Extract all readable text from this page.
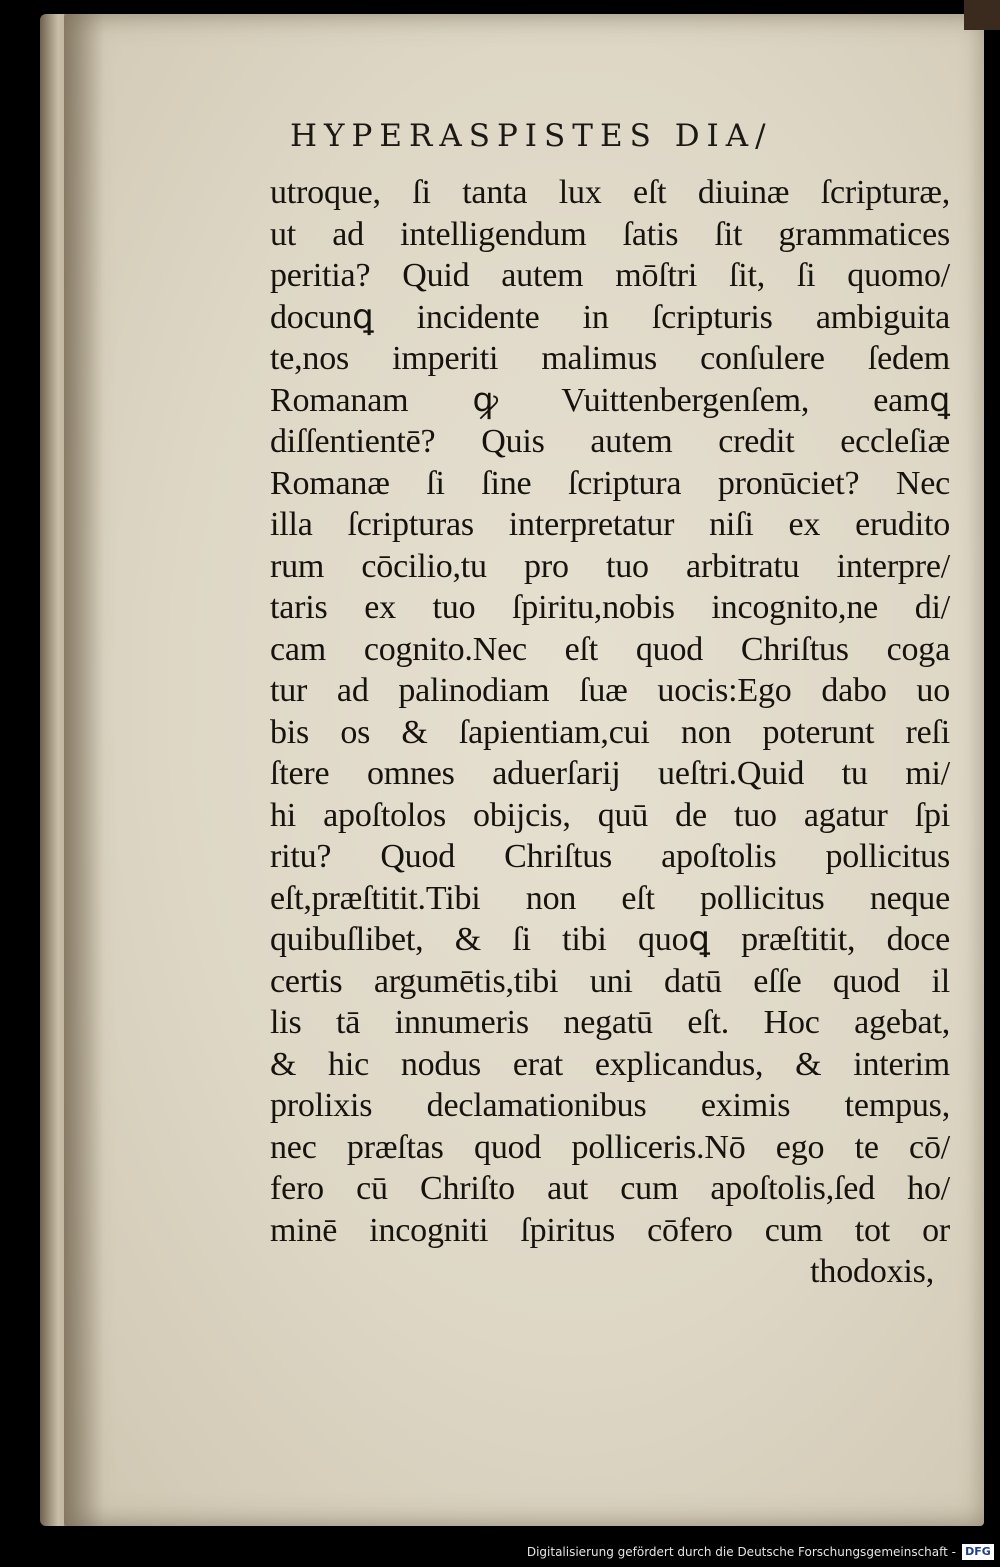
HYPERASPISTES DIA/
utroque, ſi tanta lux eſt diuinæ ſcripturæ,
ut ad intelligendum ſatis ſit grammatices
peritia? Quid autem mōſtri ſit, ſi quomo/
docunꝗ incidente in ſcripturis ambiguita
te,nos imperiti malimus conſulere ſedem
Romanam ꝙ Vuittenbergenſem, eamꝗ
diſſentientē? Quis autem credit eccleſiæ
Romanæ ſi ſine ſcriptura pronūciet? Nec
illa ſcripturas interpretatur niſi ex erudito
rum cōcilio,tu pro tuo arbitratu interpre/
taris ex tuo ſpiritu,nobis incognito,ne di/
cam cognito.Nec eſt quod Chriſtus coga
tur ad palinodiam ſuæ uocis:Ego dabo uo
bis os & ſapientiam,cui non poterunt reſi
ſtere omnes aduerſarij ueſtri.Quid tu mi/
hi apoſtolos obijcis, quū de tuo agatur ſpi
ritu? Quod Chriſtus apoſtolis pollicitus
eſt,præſtitit.Tibi non eſt pollicitus neque
quibuſlibet, & ſi tibi quoꝗ præſtitit, doce
certis argumētis,tibi uni datū eſſe quod il
lis tā innumeris negatū eſt. Hoc agebat,
& hic nodus erat explicandus, & interim
prolixis declamationibus eximis tempus,
nec præſtas quod polliceris.Nō ego te cō/
fero cū Chriſto aut cum apoſtolis,ſed ho/
minē incogniti ſpiritus cōfero cum tot or
thodoxis,
Digitalisierung gefördert durch die Deutsche Forschungsgemeinschaft - DFG
